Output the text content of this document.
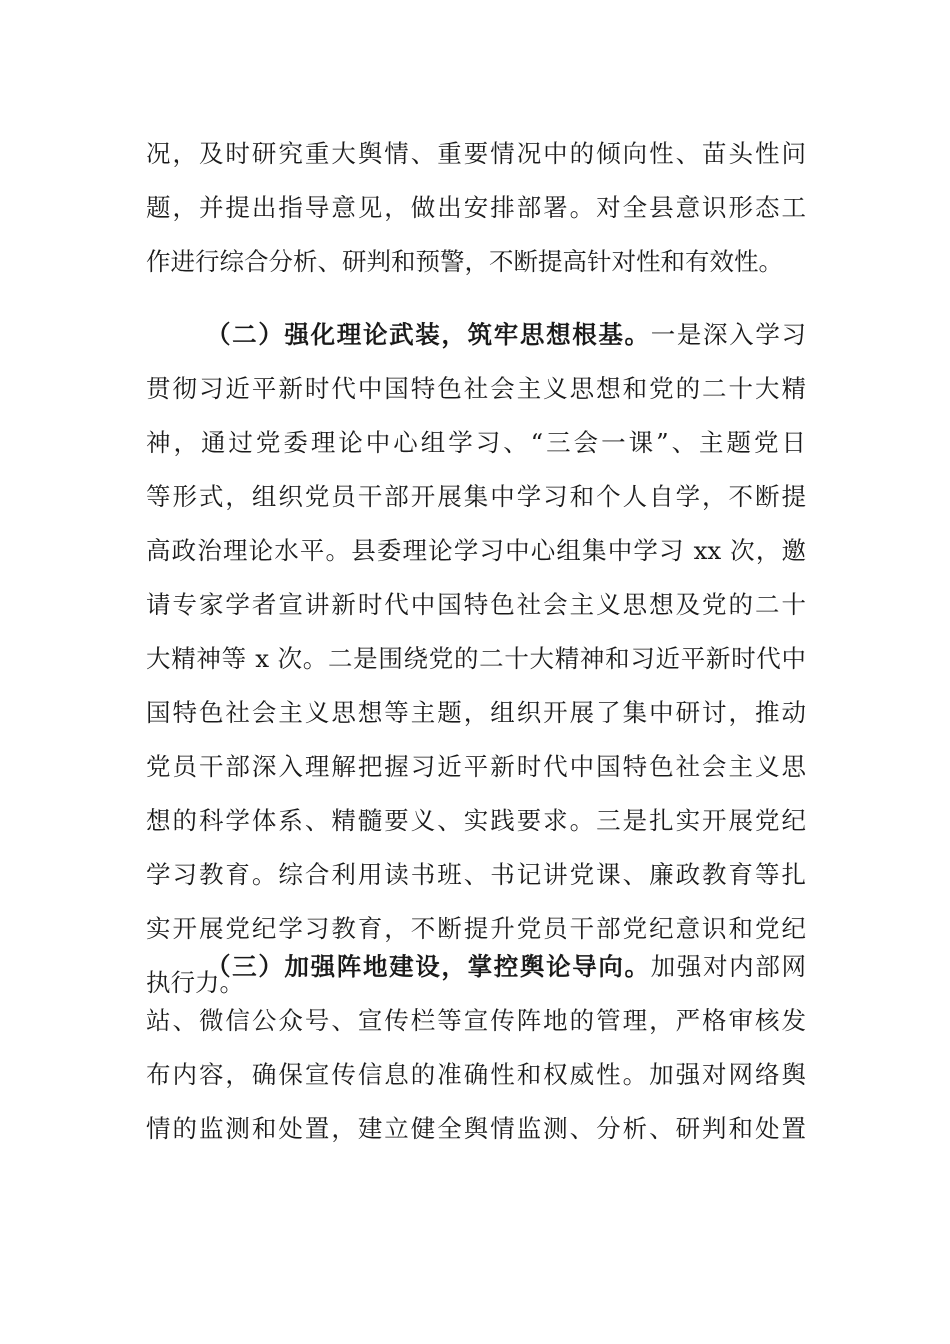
况，及时研究重大舆情、重要情况中的倾向性、苗头性问
题，并提出指导意见，做出安排部署。对全县意识形态工
作进行综合分析、研判和预警，不断提高针对性和有效性。
（二）强化理论武装，筑牢思想根基。一是深入学习
贯彻习近平新时代中国特色社会主义思想和党的二十大精
神，通过党委理论中心组学习、“三会一课”、主题党日
等形式，组织党员干部开展集中学习和个人自学，不断提
高政治理论水平。县委理论学习中心组集中学习 xx 次，邀
请专家学者宣讲新时代中国特色社会主义思想及党的二十
大精神等 x 次。二是围绕党的二十大精神和习近平新时代中
国特色社会主义思想等主题，组织开展了集中研讨，推动
党员干部深入理解把握习近平新时代中国特色社会主义思
想的科学体系、精髓要义、实践要求。三是扎实开展党纪
学习教育。综合利用读书班、书记讲党课、廉政教育等扎
实开展党纪学习教育，不断提升党员干部党纪意识和党纪
执行力。
（三）加强阵地建设，掌控舆论导向。加强对内部网
站、微信公众号、宣传栏等宣传阵地的管理，严格审核发
布内容，确保宣传信息的准确性和权威性。加强对网络舆
情的监测和处置，建立健全舆情监测、分析、研判和处置
